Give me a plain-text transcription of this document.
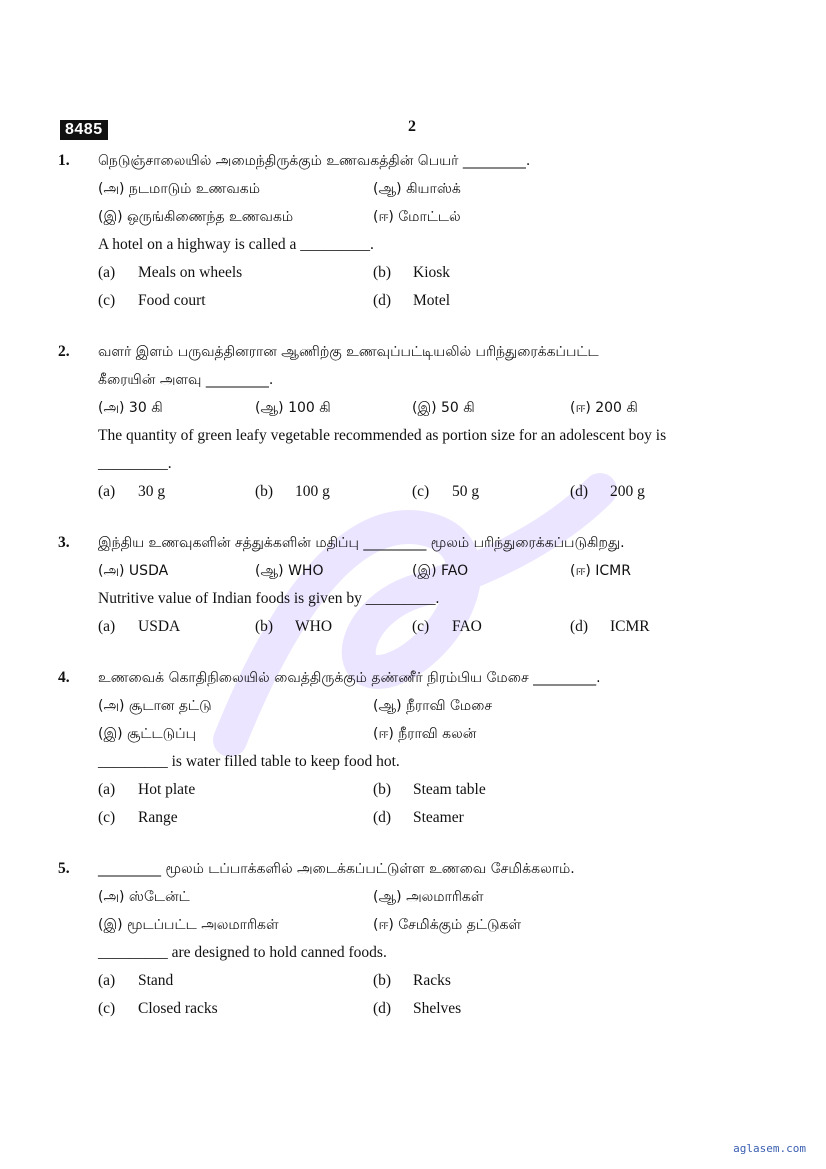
8485	2
1.	நெடுஞ்சாலையில் அமைந்திருக்கும் உணவகத்தின் பெயர் _________.
(அ) நடமாடும் உணவகம்	(ஆ) கியாஸ்க்
(இ) ஒருங்கிணைந்த உணவகம்	(ஈ) மோட்டல்
A hotel on a highway is called a _________.
(a) Meals on wheels	(b) Kiosk
(c) Food court	(d) Motel
2.	வளர் இளம் பருவத்தினரான ஆணிற்கு உணவுப்பட்டியலில் பரிந்துரைக்கப்பட்ட
கீரையின் அளவு _________.
(அ) 30 கி	(ஆ) 100 கி	(இ) 50 கி	(ஈ) 200 கி
The quantity of green leafy vegetable recommended as portion size for an adolescent boy is
_________.
(a) 30 g	(b) 100 g	(c) 50 g	(d) 200 g
3.	இந்திய உணவுகளின் சத்துக்களின் மதிப்பு _________ மூலம் பரிந்துரைக்கப்படுகிறது.
(அ) USDA	(ஆ) WHO	(இ) FAO	(ஈ) ICMR
Nutritive value of Indian foods is given by _________.
(a) USDA	(b) WHO	(c) FAO	(d) ICMR
4.	உணவைக் கொதிநிலையில் வைத்திருக்கும் தண்ணீர் நிரம்பிய மேசை _________.
(அ) சூடான தட்டு	(ஆ) நீராவி மேசை
(இ) சூட்டடுப்பு	(ஈ) நீராவி கலன்
_________ is water filled table to keep food hot.
(a) Hot plate	(b) Steam table
(c) Range	(d) Steamer
5.	_________ மூலம் டப்பாக்களில் அடைக்கப்பட்டுள்ள உணவை சேமிக்கலாம்.
(அ) ஸ்டேன்ட்	(ஆ) அலமாரிகள்
(இ) மூடப்பட்ட அலமாரிகள்	(ஈ) சேமிக்கும் தட்டுகள்
_________ are designed to hold canned foods.
(a) Stand	(b) Racks
(c) Closed racks	(d) Shelves
aglasem.com
